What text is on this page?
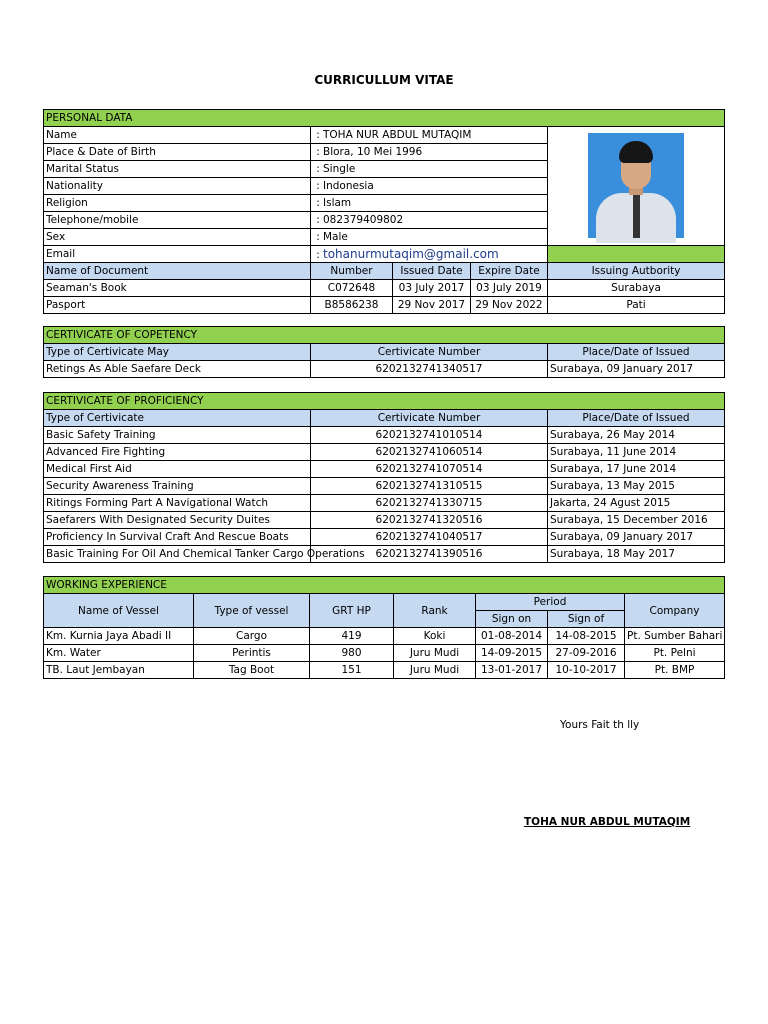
CURRICULLUM VITAE
PERSONAL DATA				
Name	: TOHA NUR ABDUL MUTAQIM			

Place & Date of Birth	: Blora, 10 Mei 1996			
Marital Status	: Single			
Nationality	: Indonesia			
Religion	: Islam			
Telephone/mobile	: 082379409802			
Sex	: Male			
Email	: tohanurmutaqim@gmail.com			
Name of Document	Number	Issued Date	Expire Date	Issuing Autbority
Seaman's Book	C072648	03 July 2017	03 July 2019	Surabaya
Pasport	B8586238	29 Nov 2017	29 Nov 2022	Pati
CERTIVICATE OF COPETENCY		
Type of Certivicate May	Certivicate Number	Place/Date of Issued
Retings As Able Saefare Deck	6202132741340517	Surabaya, 09 January 2017
CERTIVICATE OF PROFICIENCY		
Type of Certivicate	Certivicate Number	Place/Date of Issued
Basic Safety Training	6202132741010514	Surabaya, 26 May 2014
Advanced Fire Fighting	6202132741060514	Surabaya, 11 June 2014
Medical First Aid	6202132741070514	Surabaya, 17 June 2014
Security Awareness Training	6202132741310515	Surabaya, 13 May 2015
Ritings Forming Part A Navigational Watch	6202132741330715	Jakarta, 24 Agust 2015
Saefarers With Designated Security Duites	6202132741320516	Surabaya, 15 December 2016
Proficiency In Survival Craft And Rescue Boats	6202132741040517	Surabaya, 09 January 2017
Basic Training For Oil And Chemical Tanker Cargo Operations	6202132741390516	Surabaya, 18 May 2017
WORKING EXPERIENCE						
Name of Vessel	Type of vessel	GRT HP	Rank	Period		Company
				Sign on	Sign of	
Km. Kurnia Jaya Abadi II	Cargo	419	Koki	01-08-2014	14-08-2015	Pt. Sumber Bahari
Km. Water	Perintis	980	Juru Mudi	14-09-2015	27-09-2016	Pt. Pelni
TB. Laut Jembayan	Tag Boot	151	Juru Mudi	13-01-2017	10-10-2017	Pt. BMP
Yours Fait th lly
TOHA NUR ABDUL MUTAQIM
